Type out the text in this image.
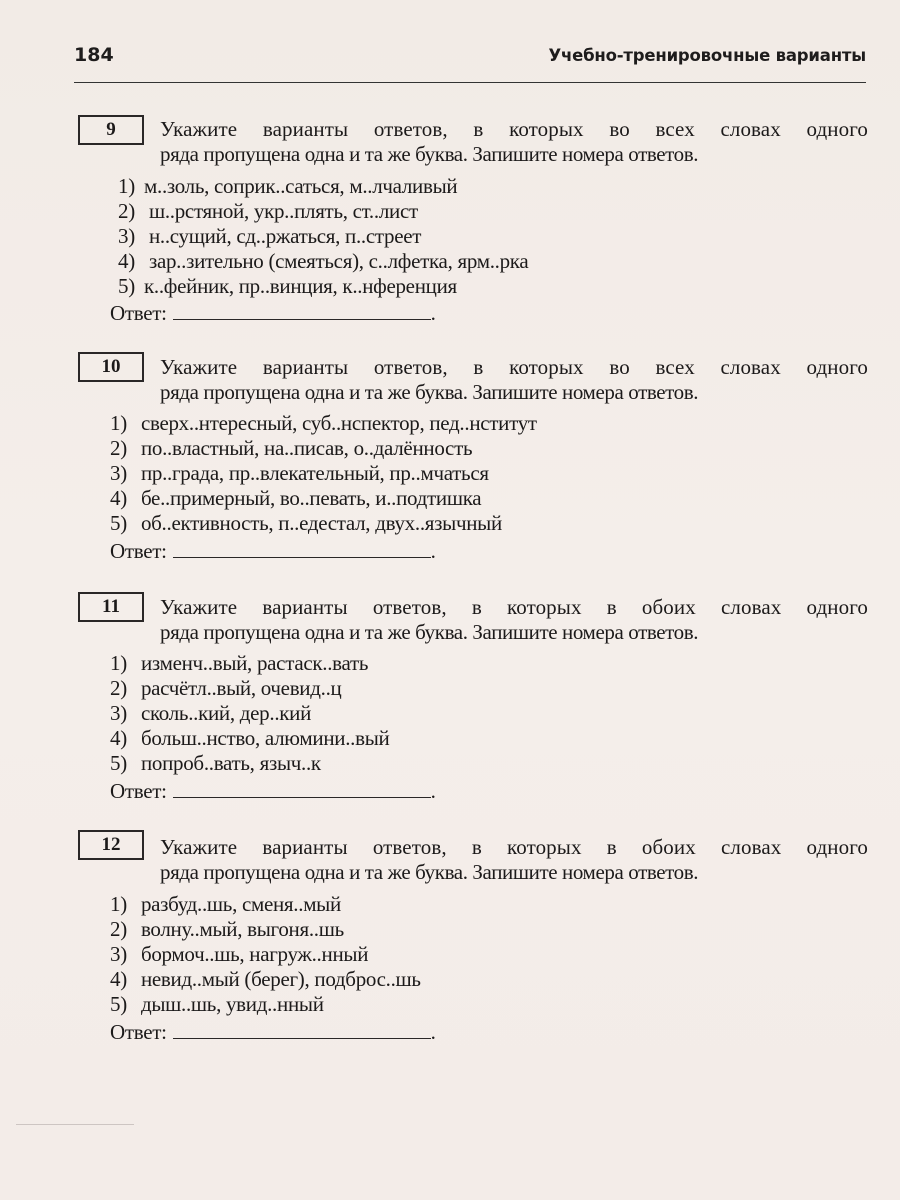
184	Учебно-тренировочные варианты
9	Укажите варианты ответов, в которых во всех словах одного
ряда пропущена одна и та же буква. Запишите номера ответов.
1) м..золь, соприк..саться, м..лчаливый
2) ш..рстяной, укр..плять, ст..лист
3) н..сущий, сд..ржаться, п..стреет
4) зар..зительно (смеяться), с..лфетка, ярм..рка
5) к..фейник, пр..винция, к..нференция
Ответ:	.
10	Укажите варианты ответов, в которых во всех словах одного
ряда пропущена одна и та же буква. Запишите номера ответов.
1) сверх..нтересный, суб..нспектор, пед..нститут
2) по..властный, на..писав, о..далённость
3) пр..града, пр..влекательный, пр..мчаться
4) бе..примерный, во..певать, и..подтишка
5) об..ективность, п..едестал, двух..язычный
Ответ:	.
11	Укажите варианты ответов, в которых в обоих словах одного
ряда пропущена одна и та же буква. Запишите номера ответов.
1) изменч..вый, растаск..вать
2) расчётл..вый, очевид..ц
3) сколь..кий, дер..кий
4) больш..нство, алюмини..вый
5) попроб..вать, языч..к
Ответ:	.
12	Укажите варианты ответов, в которых в обоих словах одного
ряда пропущена одна и та же буква. Запишите номера ответов.
1) разбуд..шь, сменя..мый
2) волну..мый, выгоня..шь
3) бормоч..шь, нагруж..нный
4) невид..мый (берег), подброс..шь
5) дыш..шь, увид..нный
Ответ:	.
